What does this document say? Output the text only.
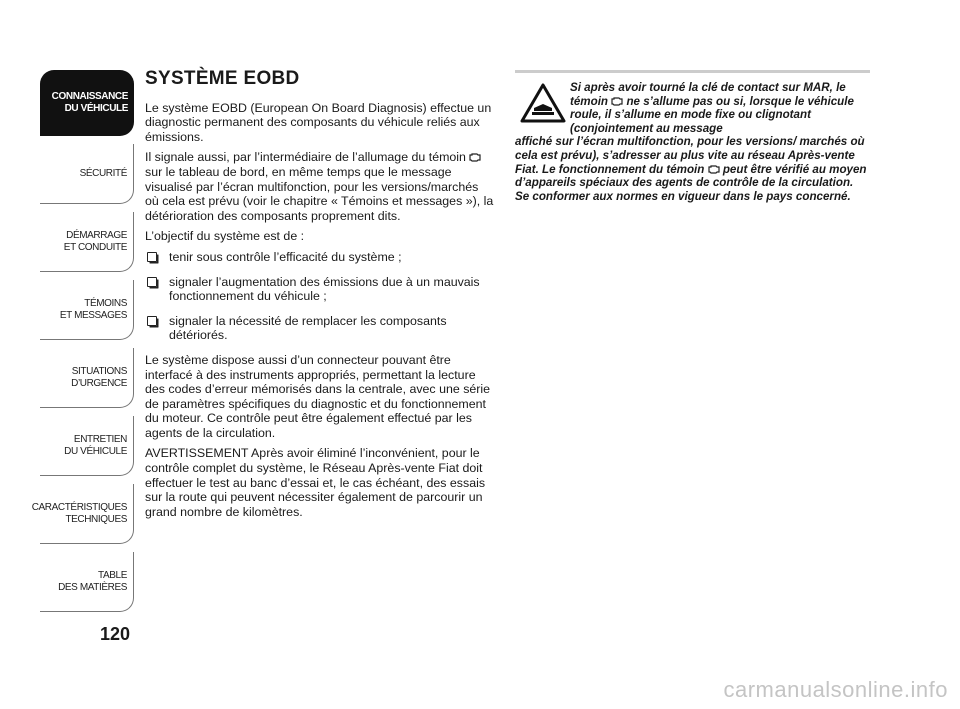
CONNAISSANCE
DU VÉHICULE
SÉCURITÉ
DÉMARRAGE
ET CONDUITE
TÉMOINS
ET MESSAGES
SITUATIONS
D’URGENCE
ENTRETIEN
DU VÉHICULE
CARACTÉRISTIQUES
TECHNIQUES
TABLE
DES MATIÈRES
120
SYSTÈME EOBD

Le système EOBD (European On Board Diagnosis) effectue un diagnostic permanent des composants du véhicule reliés aux émissions.

Il signale aussi, par l’intermédiaire de l’allumage du témoin  sur le tableau de bord, en même temps que le message visualisé par l’écran multifonction, pour les versions/marchés où cela est prévu (voir le chapitre « Témoins et messages »), la détérioration des composants proprement dits.

L’objectif du système est de :

tenir sous contrôle l’efficacité du système ;
signaler l’augmentation des émissions due à un mauvais fonctionnement du véhicule ;
signaler la nécessité de remplacer les composants détériorés.

Le système dispose aussi d’un connecteur pouvant être interfacé à des instruments appropriés, permettant la lecture des codes d’erreur mémorisés dans la centrale, avec une série de paramètres spécifiques du diagnostic et du fonctionnement du moteur. Ce contrôle peut être également effectué par les agents de la circulation.

AVERTISSEMENT Après avoir éliminé l’inconvénient, pour le contrôle complet du système, le Réseau Après-vente Fiat doit effectuer le test au banc d’essai et, le cas échéant, des essais sur la route qui peuvent nécessiter également de parcourir un grand nombre de kilomètres.

Si après avoir tourné la clé de contact sur MAR, le témoin  ne s’allume pas ou si, lorsque le véhicule roule, il s’allume en mode fixe ou clignotant (conjointement au message
affiché sur l’écran multifonction, pour les versions/ marchés où cela est prévu), s’adresser au plus vite au réseau Après-vente Fiat. Le fonctionnement du témoin  peut être vérifié au moyen d’appareils spéciaux des agents de contrôle de la circulation. Se conformer aux normes en vigueur dans le pays concerné.
carmanualsonline.info
